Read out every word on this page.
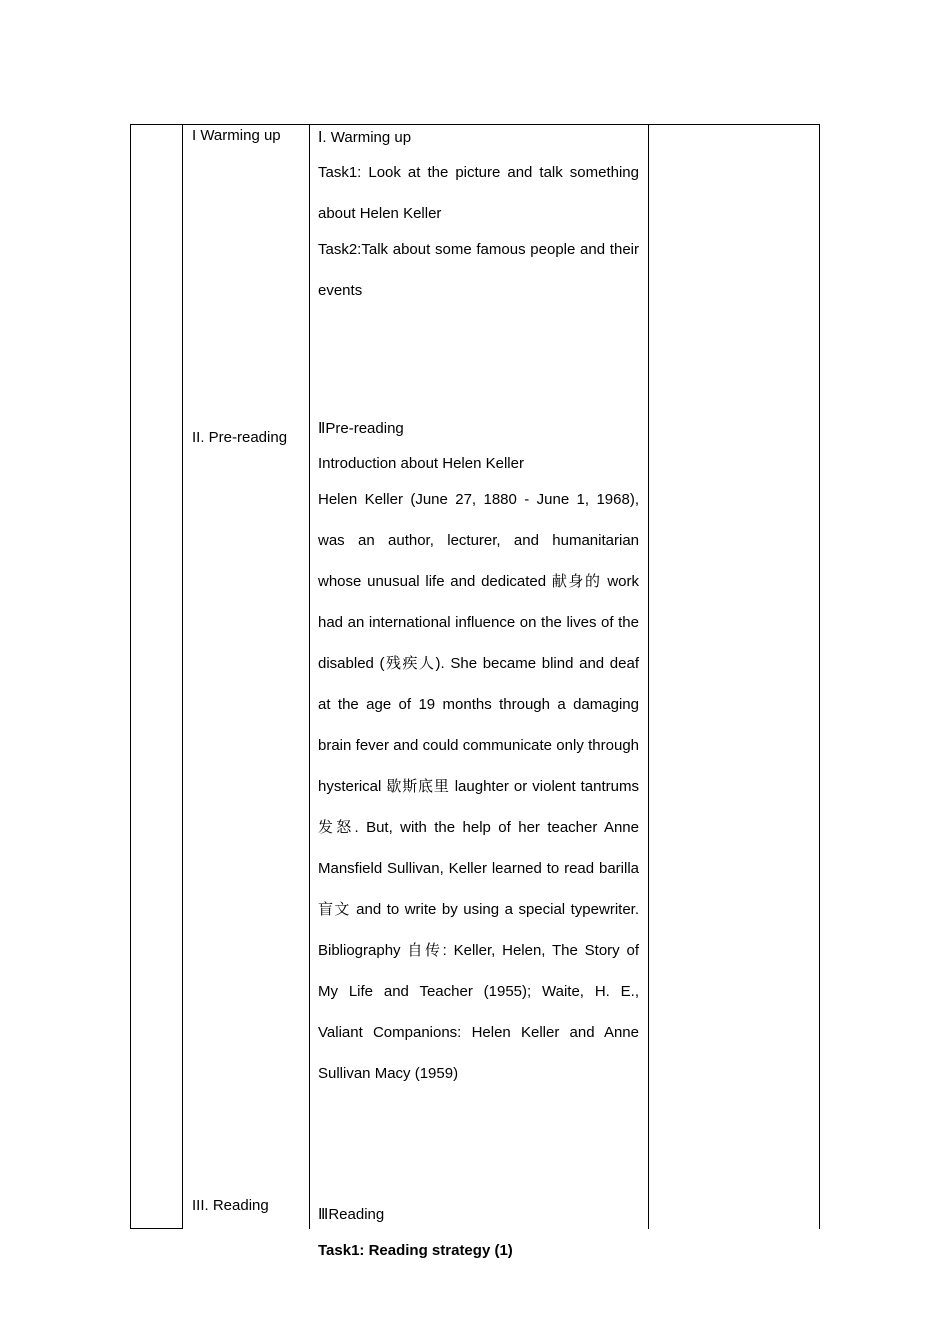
I Warming up
II. Pre-reading
III. Reading
Ⅰ. Warming up

Task1: Look at the picture and talk something about Helen Keller

Task2:Talk about some famous people and their events

ⅡPre-reading
Introduction about Helen Keller

Helen Keller (June 27, 1880 - June 1, 1968), was an author, lecturer, and humanitarian whose unusual life and dedicated 献身的 work had an international influence on the lives of the disabled (残疾人). She became blind and deaf at the age of 19 months through a damaging brain fever and could communicate only through hysterical 歇斯底里 laughter or violent tantrums 发怒. But, with the help of her teacher Anne Mansfield Sullivan, Keller learned to read barilla 盲文 and to write by using a special typewriter. Bibliography 自传: Keller, Helen, The Story of My Life and Teacher (1955); Waite, H. E., Valiant Companions: Helen Keller and Anne Sullivan Macy (1959)

ⅢReading
Task1: Reading strategy (1)
